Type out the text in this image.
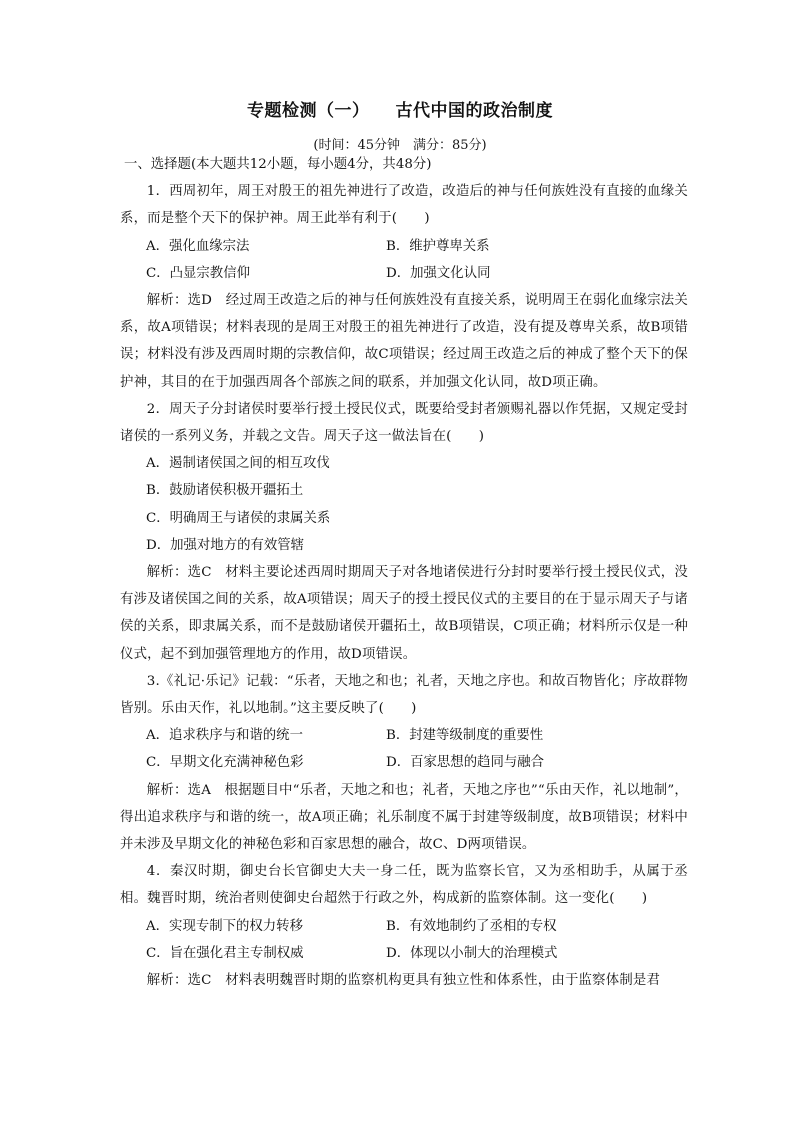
专题检测（一） 古代中国的政治制度
(时间：45分钟　满分：85分)

一、选择题(本大题共12小题，每小题4分，共48分)

1．西周初年，周王对殷王的祖先神进行了改造，改造后的神与任何族姓没有直接的血缘关系，而是整个天下的保护神。周王此举有利于(　　)

A．强化血缘宗法	B．维护尊卑关系
C．凸显宗教信仰	D．加强文化认同

解析：选D　经过周王改造之后的神与任何族姓没有直接关系，说明周王在弱化血缘宗法关系，故A项错误；材料表现的是周王对殷王的祖先神进行了改造，没有提及尊卑关系，故B项错误；材料没有涉及西周时期的宗教信仰，故C项错误；经过周王改造之后的神成了整个天下的保护神，其目的在于加强西周各个部族之间的联系，并加强文化认同，故D项正确。

2．周天子分封诸侯时要举行授土授民仪式，既要给受封者颁赐礼器以作凭据，又规定受封诸侯的一系列义务，并载之文告。周天子这一做法旨在(　　)

A．遏制诸侯国之间的相互攻伐

B．鼓励诸侯积极开疆拓土

C．明确周王与诸侯的隶属关系

D．加强对地方的有效管辖

解析：选C　材料主要论述西周时期周天子对各地诸侯进行分封时要举行授土授民仪式，没有涉及诸侯国之间的关系，故A项错误；周天子的授土授民仪式的主要目的在于显示周天子与诸侯的关系，即隶属关系，而不是鼓励诸侯开疆拓土，故B项错误，C项正确；材料所示仅是一种仪式，起不到加强管理地方的作用，故D项错误。

3.《礼记·乐记》记载：“乐者，天地之和也；礼者，天地之序也。和故百物皆化；序故群物皆别。乐由天作，礼以地制。”这主要反映了(　　)

A．追求秩序与和谐的统一	B．封建等级制度的重要性
C．早期文化充满神秘色彩	D．百家思想的趋同与融合

解析：选A　根据题目中“乐者，天地之和也；礼者，天地之序也”“乐由天作，礼以地制”，得出追求秩序与和谐的统一，故A项正确；礼乐制度不属于封建等级制度，故B项错误；材料中并未涉及早期文化的神秘色彩和百家思想的融合，故C、D两项错误。

4．秦汉时期，御史台长官御史大夫一身二任，既为监察长官，又为丞相助手，从属于丞相。魏晋时期，统治者则使御史台超然于行政之外，构成新的监察体制。这一变化(　　)

A．实现专制下的权力转移	B．有效地制约了丞相的专权
C．旨在强化君主专制权威	D．体现以小制大的治理模式

解析：选C　材料表明魏晋时期的监察机构更具有独立性和体系性，由于监察体制是君
